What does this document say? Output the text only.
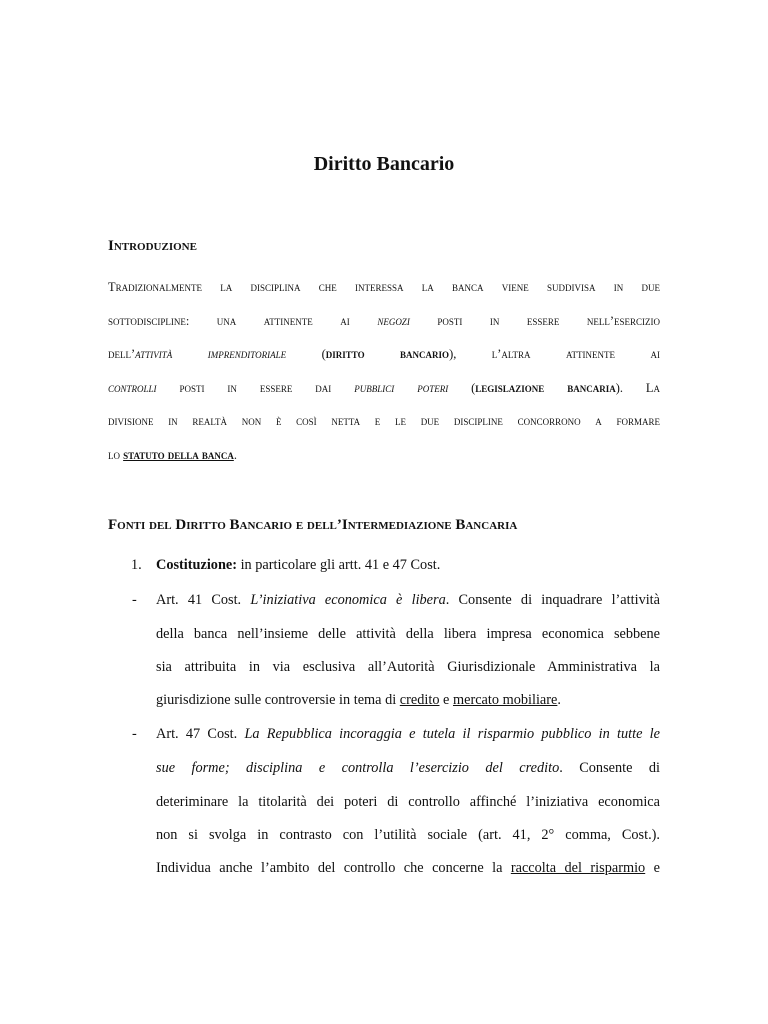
Diritto Bancario
Introduzione
Tradizionalmente la disciplina che interessa la banca viene suddivisa in due
sottodiscipline: una attinente ai negozi posti in essere nell’esercizio
dell’attività imprenditoriale (diritto bancario), l’altra attinente ai
controlli posti in essere dai pubblici poteri (legislazione bancaria). La
divisione in realtà non è così netta e le due discipline concorrono a formare
lo statuto della banca.
Fonti del Diritto Bancario e dell’Intermediazione Bancaria
1. Costituzione: in particolare gli artt. 41 e 47 Cost.
- Art. 41 Cost. L’iniziativa economica è libera. Consente di inquadrare l’attività
della banca nell’insieme delle attività della libera impresa economica sebbene
sia attribuita in via esclusiva all’Autorità Giurisdizionale Amministrativa la
giurisdizione sulle controversie in tema di credito e mercato mobiliare.
- Art. 47 Cost. La Repubblica incoraggia e tutela il risparmio pubblico in tutte le
sue forme; disciplina e controlla l’esercizio del credito. Consente di
deteriminare la titolarità dei poteri di controllo affinché l’iniziativa economica
non si svolga in contrasto con l’utilità sociale (art. 41, 2° comma, Cost.).
Individua anche l’ambito del controllo che concerne la raccolta del risparmio e
